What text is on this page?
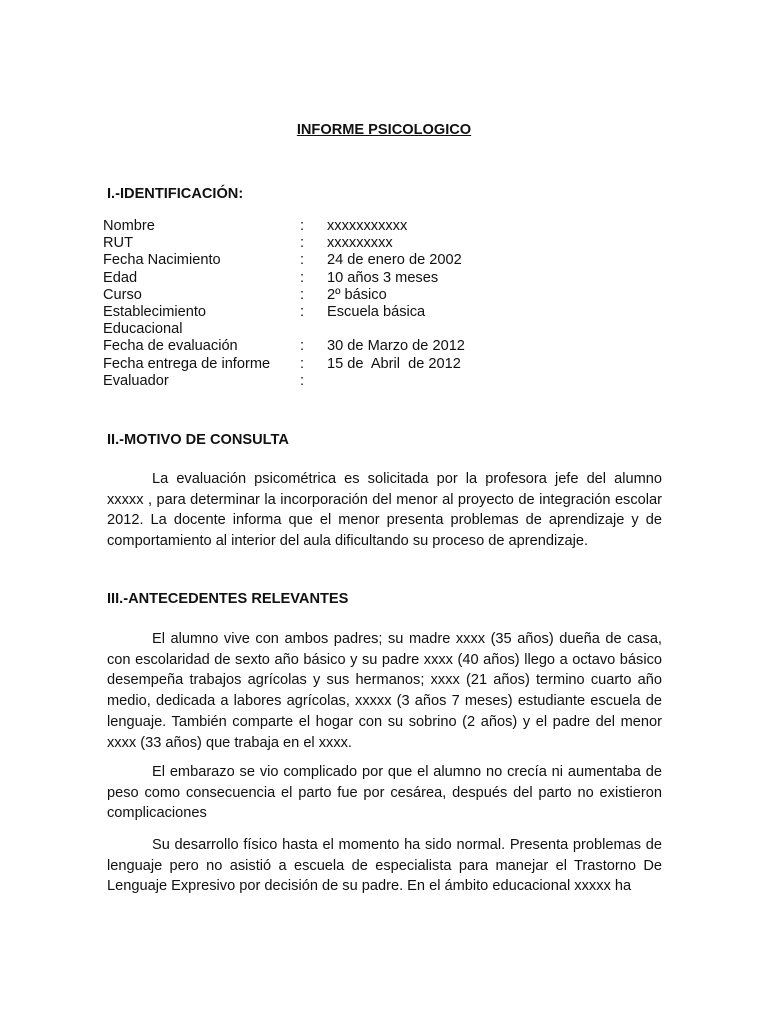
INFORME PSICOLOGICO
I.-IDENTIFICACIÓN:
Nombre	:	xxxxxxxxxxx
RUT	:	xxxxxxxxx
Fecha Nacimiento	:	24 de enero de 2002
Edad	:	10 años 3 meses
Curso	:	2º básico
Establecimiento	:	Escuela básica
Educacional
Fecha de evaluación	:	30 de Marzo de 2012
Fecha entrega de informe	:	15 de  Abril  de 2012
Evaluador	:
II.-MOTIVO DE CONSULTA

La evaluación psicométrica es solicitada por la profesora jefe del alumno xxxxx , para determinar la incorporación del menor al proyecto de integración escolar 2012. La docente informa que el menor presenta problemas de aprendizaje y de comportamiento al interior del aula dificultando su proceso de aprendizaje.

III.-ANTECEDENTES RELEVANTES

El alumno vive con ambos padres; su madre xxxx (35 años) dueña de casa, con escolaridad de sexto año básico y su padre xxxx (40 años) llego a octavo básico desempeña trabajos agrícolas y sus hermanos; xxxx (21 años) termino cuarto año medio, dedicada a labores agrícolas, xxxxx (3 años 7 meses) estudiante escuela de lenguaje. También comparte el hogar con su sobrino (2 años) y el padre del menor xxxx (33 años) que trabaja en el xxxx.

El embarazo se vio complicado por que el alumno no crecía ni aumentaba de peso como consecuencia el parto fue por cesárea, después del parto no existieron complicaciones

Su desarrollo físico hasta el momento ha sido normal. Presenta problemas de lenguaje pero no asistió a escuela de especialista para manejar el Trastorno De Lenguaje Expresivo por decisión de su padre. En el ámbito educacional xxxxx ha
